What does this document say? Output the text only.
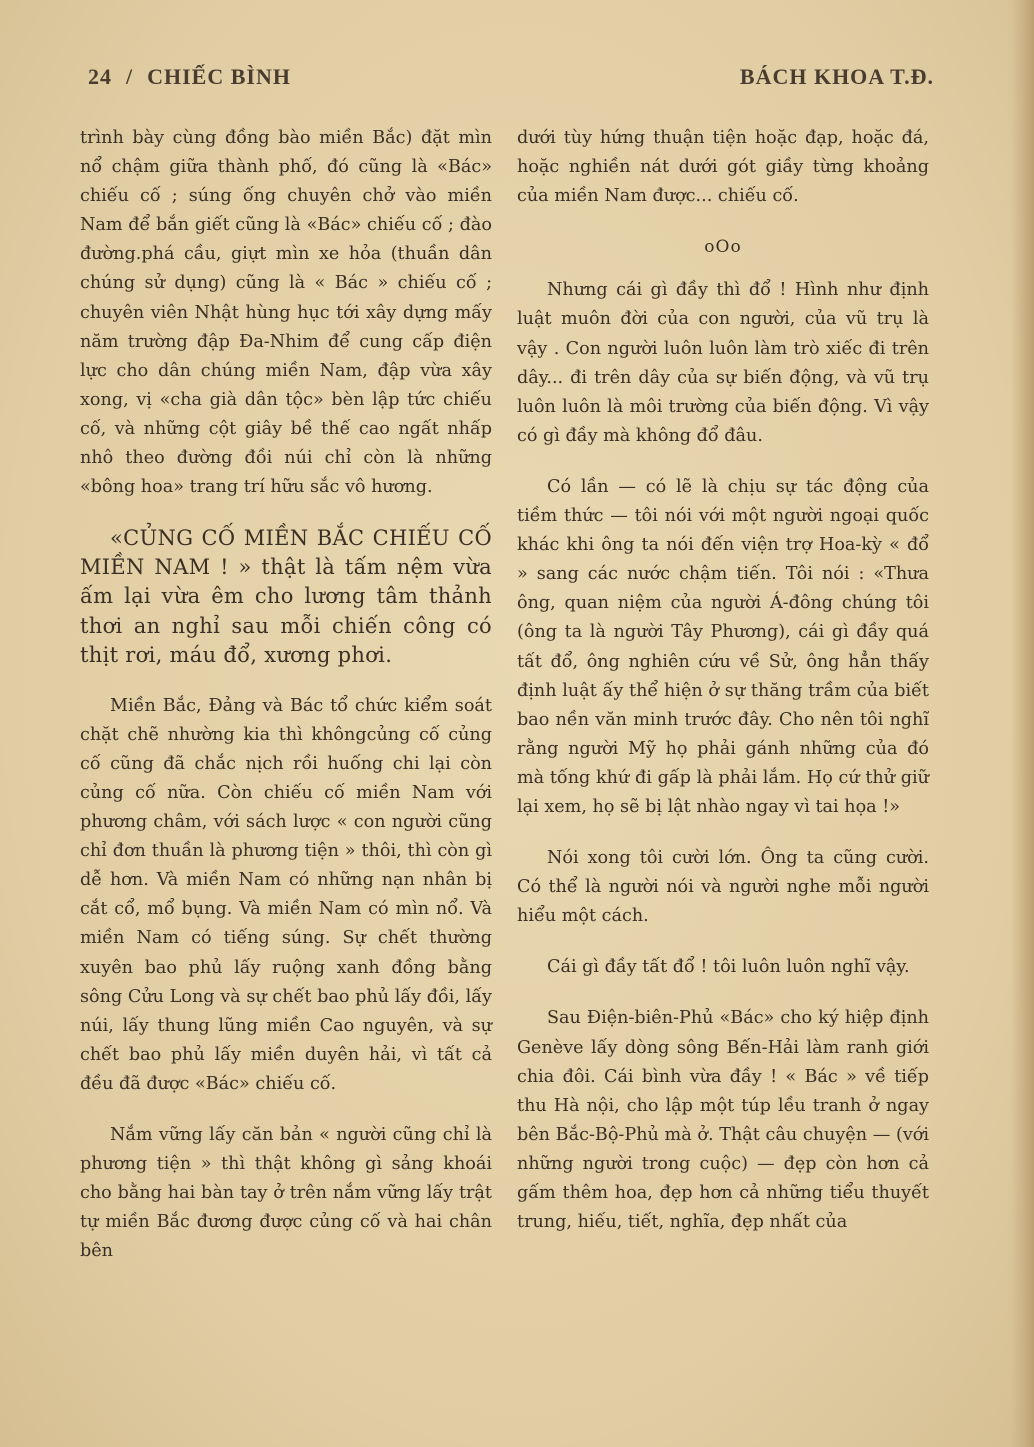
24 / CHIẾC BÌNH	BÁCH KHOA T.Đ.

trình bày cùng đồng bào miền Bắc) đặt mìn nổ chậm giữa thành phố, đó cũng là «Bác» chiếu cố ; súng ống chuyên chở vào miền Nam để bắn giết cũng là «Bác» chiếu cố ; đào đường.phá cầu, giựt mìn xe hỏa (thuần dân chúng sử dụng) cũng là « Bác » chiếu cố ; chuyên viên Nhật hùng hục tới xây dựng mấy năm trường đập Đa-Nhim để cung cấp điện lực cho dân chúng miền Nam, đập vừa xây xong, vị «cha già dân tộc» bèn lập tức chiếu cố, và những cột giây bề thế cao ngất nhấp nhô theo đường đồi núi chỉ còn là những «bông hoa» trang trí hữu sắc vô hương.

«CỦNG CỐ MIỀN BẮC CHIẾU CỐ MIỀN NAM ! » thật là tấm nệm vừa ấm lại vừa êm cho lương tâm thảnh thơi an nghỉ sau mỗi chiến công có thịt rơi, máu đổ, xương phơi.

Miền Bắc, Đảng và Bác tổ chức kiểm soát chặt chẽ nhường kia thì khôngcủng cố củng cố cũng đã chắc nịch rồi huống chi lại còn củng cố nữa. Còn chiếu cố miền Nam với phương châm, với sách lược « con người cũng chỉ đơn thuần là phương tiện » thôi, thì còn gì dễ hơn. Và miền Nam có những nạn nhân bị cắt cổ, mổ bụng. Và miền Nam có mìn nổ. Và miền Nam có tiếng súng. Sự chết thường xuyên bao phủ lấy ruộng xanh đồng bằng sông Cửu Long và sự chết bao phủ lấy đồi, lấy núi, lấy thung lũng miền Cao nguyên, và sự chết bao phủ lấy miền duyên hải, vì tất cả đều đã được «Bác» chiếu cố.

Nắm vững lấy căn bản « người cũng chỉ là phương tiện » thì thật không gì sảng khoái cho bằng hai bàn tay ở trên nắm vững lấy trật tự miền Bắc đương được củng cố và hai chân bên

dưới tùy hứng thuận tiện hoặc đạp, hoặc đá, hoặc nghiền nát dưới gót giầy từng khoảng của miền Nam được... chiếu cố.

oOo

Nhưng cái gì đầy thì đổ ! Hình như định luật muôn đời của con người, của vũ trụ là vậy . Con người luôn luôn làm trò xiếc đi trên dây... đi trên dây của sự biến động, và vũ trụ luôn luôn là môi trường của biến động. Vì vậy có gì đầy mà không đổ đâu.

Có lần — có lẽ là chịu sự tác động của tiềm thức — tôi nói với một người ngoại quốc khác khi ông ta nói đến viện trợ Hoa-kỳ « đổ » sang các nước chậm tiến. Tôi nói : «Thưa ông, quan niệm của người Á-đông chúng tôi (ông ta là người Tây Phương), cái gì đầy quá tất đổ, ông nghiên cứu về Sử, ông hẳn thấy định luật ấy thể hiện ở sự thăng trầm của biết bao nền văn minh trước đây. Cho nên tôi nghĩ rằng người Mỹ họ phải gánh những của đó mà tống khứ đi gấp là phải lắm. Họ cứ thử giữ lại xem, họ sẽ bị lật nhào ngay vì tai họa !»

Nói xong tôi cười lớn. Ông ta cũng cười. Có thể là người nói và người nghe mỗi người hiểu một cách.

Cái gì đầy tất đổ ! tôi luôn luôn nghĩ vậy.

Sau Điện-biên-Phủ «Bác» cho ký hiệp định Genève lấy dòng sông Bến-Hải làm ranh giới chia đôi. Cái bình vừa đầy ! « Bác » về tiếp thu Hà nội, cho lập một túp lều tranh ở ngay bên Bắc-Bộ-Phủ mà ở. Thật câu chuyện — (với những người trong cuộc) — đẹp còn hơn cả gấm thêm hoa, đẹp hơn cả những tiểu thuyết trung, hiếu, tiết, nghĩa, đẹp nhất của
